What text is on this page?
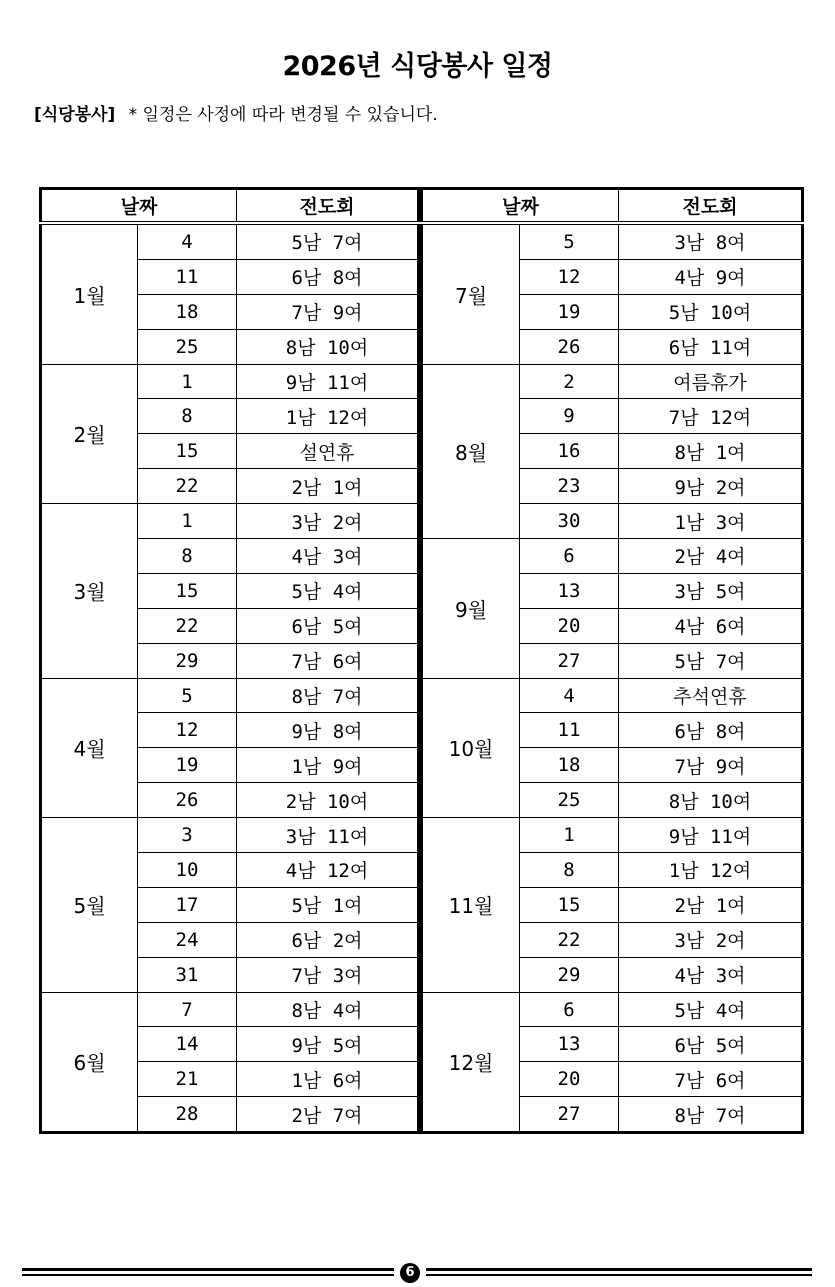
2026년 식당봉사 일정
[식당봉사] * 일정은 사정에 따라 변경될 수 있습니다.
날짜		전도회
1월	4	5남 7여
	11	6남 8여
	18	7남 9여
	25	8남 10여
2월	1	9남 11여
	8	1남 12여
	15	설연휴
	22	2남 1여
3월	1	3남 2여
	8	4남 3여
	15	5남 4여
	22	6남 5여
	29	7남 6여
4월	5	8남 7여
	12	9남 8여
	19	1남 9여
	26	2남 10여
5월	3	3남 11여
	10	4남 12여
	17	5남 1여
	24	6남 2여
	31	7남 3여
6월	7	8남 4여
	14	9남 5여
	21	1남 6여
	28	2남 7여
날짜		전도회
7월	5	3남 8여
	12	4남 9여
	19	5남 10여
	26	6남 11여
8월	2	여름휴가
	9	7남 12여
	16	8남 1여
	23	9남 2여
	30	1남 3여
9월	6	2남 4여
	13	3남 5여
	20	4남 6여
	27	5남 7여
10월	4	추석연휴
	11	6남 8여
	18	7남 9여
	25	8남 10여
11월	1	9남 11여
	8	1남 12여
	15	2남 1여
	22	3남 2여
	29	4남 3여
12월	6	5남 4여
	13	6남 5여
	20	7남 6여
	27	8남 7여
6
